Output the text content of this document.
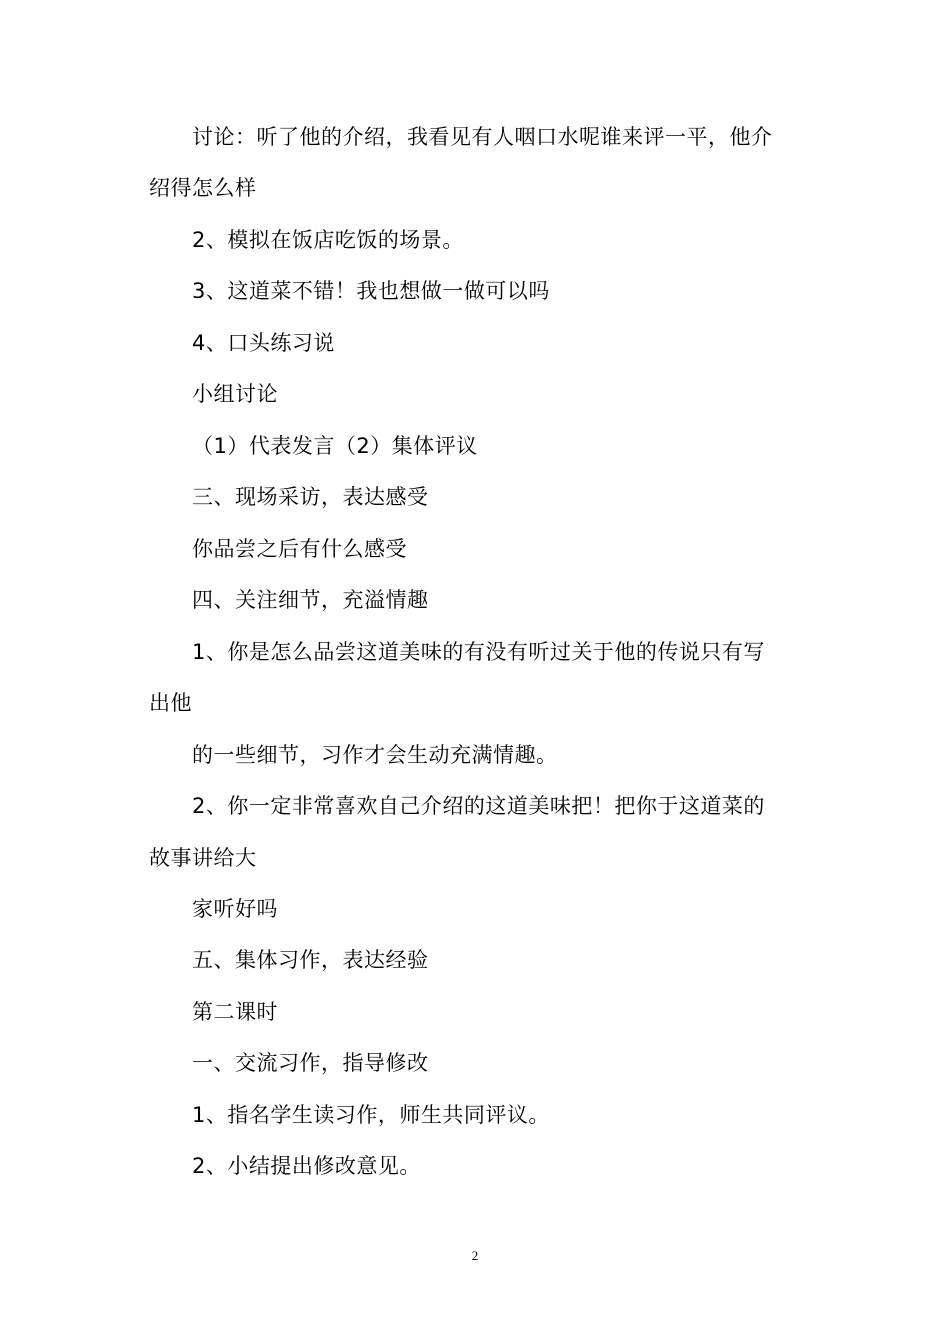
讨论：听了他的介绍，我看见有人咽口水呢谁来评一平，他介
绍得怎么样
2、模拟在饭店吃饭的场景。
3、这道菜不错！我也想做一做可以吗
4、口头练习说
小组讨论
（1）代表发言（2）集体评议
三、现场采访，表达感受
你品尝之后有什么感受
四、关注细节，充溢情趣
1、你是怎么品尝这道美味的有没有听过关于他的传说只有写
出他
的一些细节，习作才会生动充满情趣。
2、你一定非常喜欢自己介绍的这道美味把！把你于这道菜的
故事讲给大
家听好吗
五、集体习作，表达经验
第二课时
一、交流习作，指导修改
1、指名学生读习作，师生共同评议。
2、小结提出修改意见。
2
